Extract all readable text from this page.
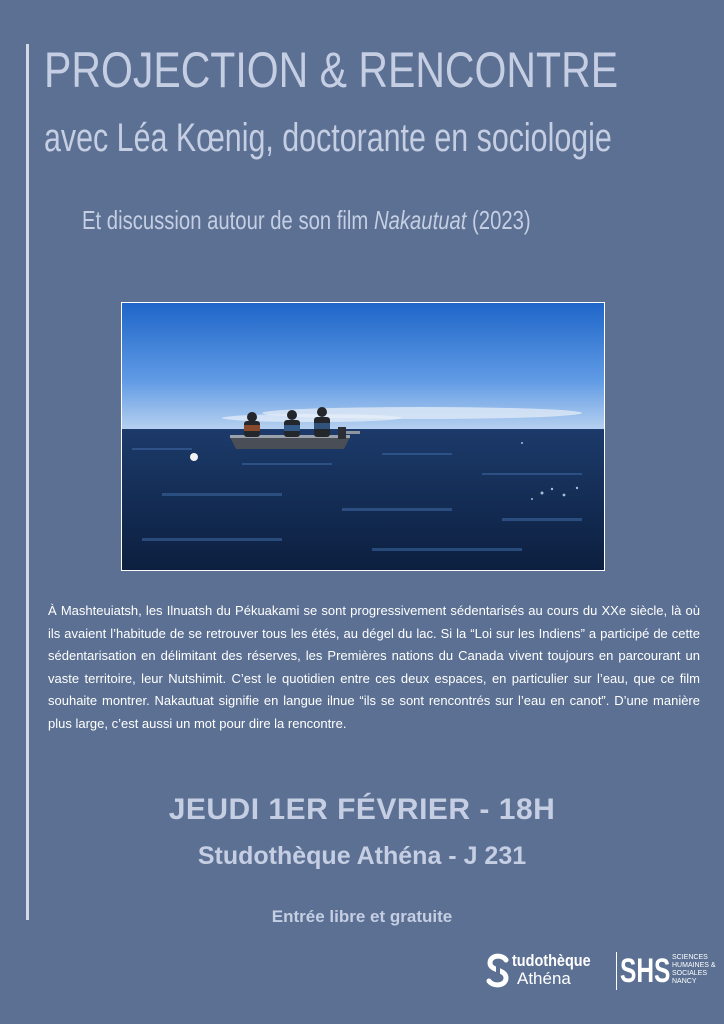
PROJECTION & RENCONTRE
avec Léa Kœnig, doctorante en sociologie
Et discussion autour de son film Nakautuat (2023)
À Mashteuiatsh, les Ilnuatsh du Pékuakami se sont progressivement sédentarisés au cours du XXe siècle, là où ils avaient l’habitude de se retrouver tous les étés, au dégel du lac. Si la “Loi sur les Indiens” a participé de cette sédentarisation en délimitant des réserves, les Premières nations du Canada vivent toujours en parcourant un vaste territoire, leur Nutshimit. C’est le quotidien entre ces deux espaces, en particulier sur l’eau, que ce film souhaite montrer. Nakautuat signifie en langue ilnue “ils se sont rencontrés sur l’eau en canot”. D’une manière plus large, c’est aussi un mot pour dire la rencontre.
JEUDI 1ER FÉVRIER - 18H
Studothèque Athéna - J 231
Entrée libre et gratuite
tudothèque
Athéna SHS SCIENCES
HUMAINES &
SOCIALES
NANCY
